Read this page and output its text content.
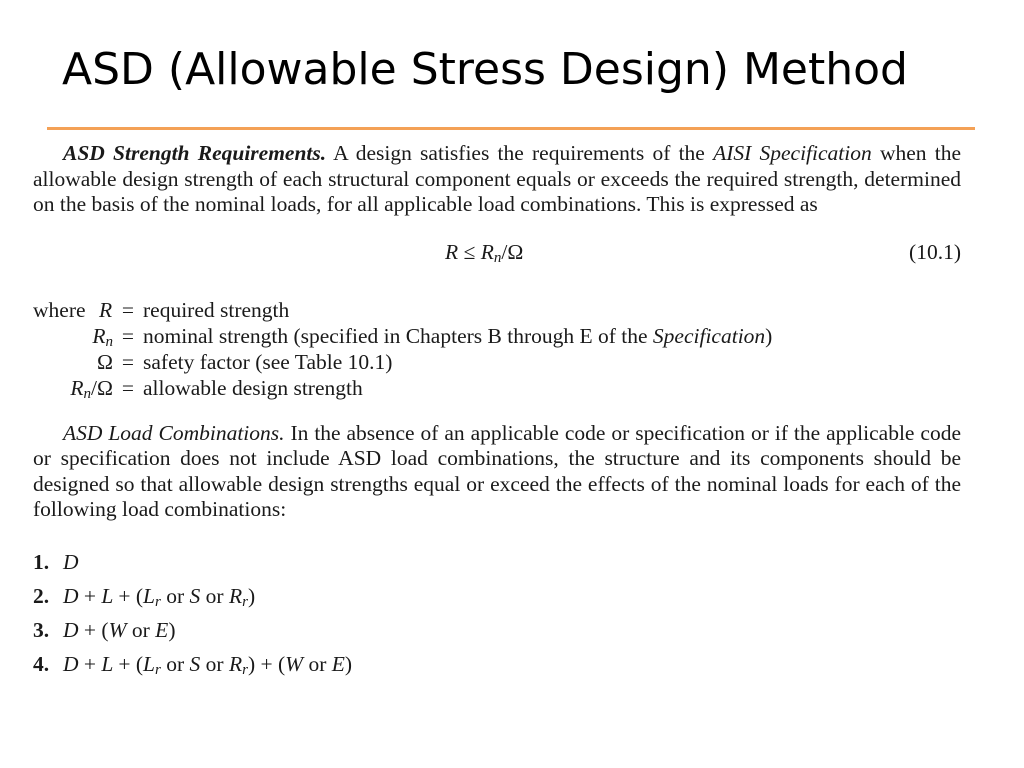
ASD (Allowable Stress Design) Method

ASD Strength Requirements. A design satisfies the requirements of the AISI Specification when the allowable design strength of each structural component equals or exceeds the required strength, determined on the basis of the nominal loads, for all applicable load combinations. This is expressed as

$R \le R_n/\Omega$	(10.1)
where R = required strength
$R_n$ = nominal strength (specified in Chapters B through E of the Specification)
Ω = safety factor (see Table 10.1)
$R_n/\Omega$ = allowable design strength

ASD Load Combinations. In the absence of an applicable code or specification or if the applicable code or specification does not include ASD load combinations, the structure and its components should be designed so that allowable design strengths equal or exceed the effects of the nominal loads for each of the following load combinations:

1. D
2. $D + L + (L_r$ or S or $R_r$)
3. D + (W or E)
4. $D + L + (L_r$ or S or $R_r) + (W$ or E)
